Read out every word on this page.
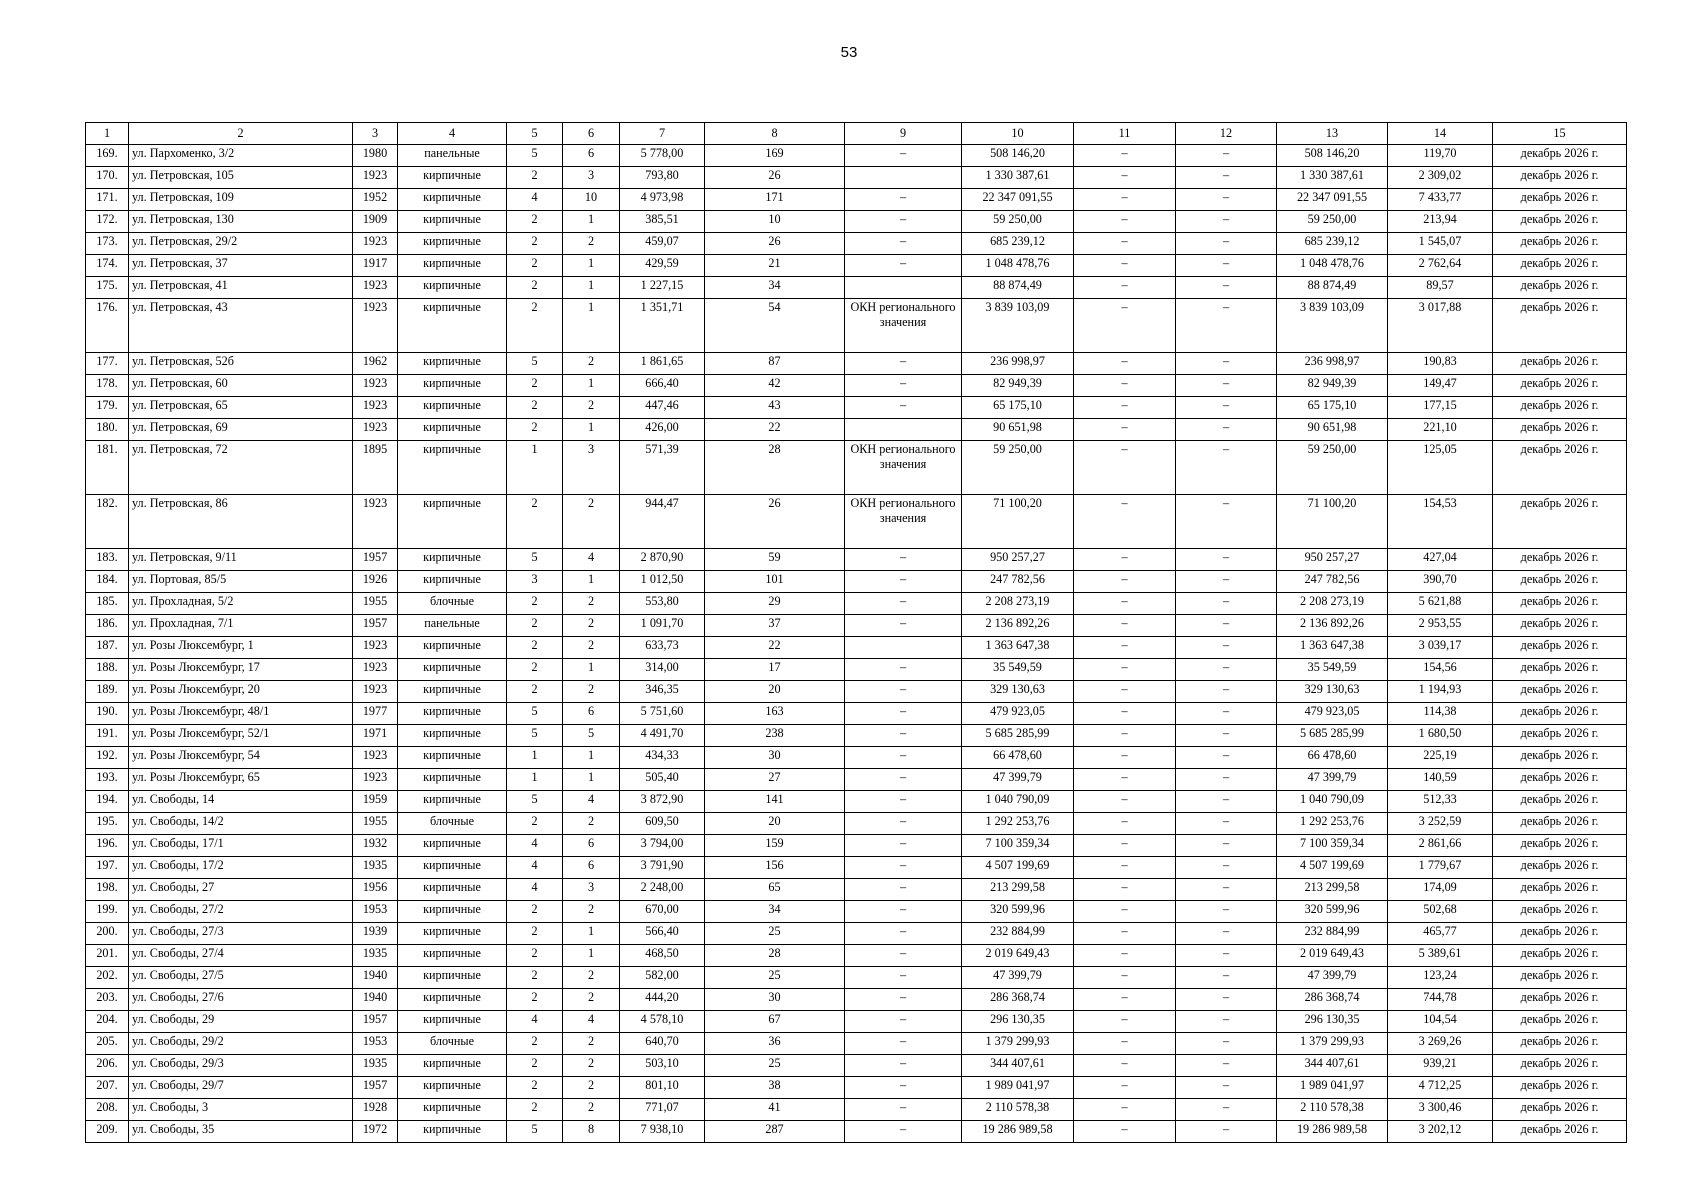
53
1	2	3	4	5	6	7	8	9	10	11	12	13	14	15
169.	ул. Пархоменко, 3/2	1980	панельные	5	6	5 778,00	169	–	508 146,20	–	–	508 146,20	119,70	декабрь 2026 г.
170.	ул. Петровская, 105	1923	кирпичные	2	3	793,80	26		1 330 387,61	–	–	1 330 387,61	2 309,02	декабрь 2026 г.
171.	ул. Петровская, 109	1952	кирпичные	4	10	4 973,98	171	–	22 347 091,55	–	–	22 347 091,55	7 433,77	декабрь 2026 г.
172.	ул. Петровская, 130	1909	кирпичные	2	1	385,51	10	–	59 250,00	–	–	59 250,00	213,94	декабрь 2026 г.
173.	ул. Петровская, 29/2	1923	кирпичные	2	2	459,07	26	–	685 239,12	–	–	685 239,12	1 545,07	декабрь 2026 г.
174.	ул. Петровская, 37	1917	кирпичные	2	1	429,59	21	–	1 048 478,76	–	–	1 048 478,76	2 762,64	декабрь 2026 г.
175.	ул. Петровская, 41	1923	кирпичные	2	1	1 227,15	34		88 874,49	–	–	88 874,49	89,57	декабрь 2026 г.
176.	ул. Петровская, 43	1923	кирпичные	2	1	1 351,71	54	ОКН регионального значения	3 839 103,09	–	–	3 839 103,09	3 017,88	декабрь 2026 г.
177.	ул. Петровская, 52б	1962	кирпичные	5	2	1 861,65	87	–	236 998,97	–	–	236 998,97	190,83	декабрь 2026 г.
178.	ул. Петровская, 60	1923	кирпичные	2	1	666,40	42	–	82 949,39	–	–	82 949,39	149,47	декабрь 2026 г.
179.	ул. Петровская, 65	1923	кирпичные	2	2	447,46	43	–	65 175,10	–	–	65 175,10	177,15	декабрь 2026 г.
180.	ул. Петровская, 69	1923	кирпичные	2	1	426,00	22		90 651,98	–	–	90 651,98	221,10	декабрь 2026 г.
181.	ул. Петровская, 72	1895	кирпичные	1	3	571,39	28	ОКН регионального значения	59 250,00	–	–	59 250,00	125,05	декабрь 2026 г.
182.	ул. Петровская, 86	1923	кирпичные	2	2	944,47	26	ОКН регионального значения	71 100,20	–	–	71 100,20	154,53	декабрь 2026 г.
183.	ул. Петровская, 9/11	1957	кирпичные	5	4	2 870,90	59	–	950 257,27	–	–	950 257,27	427,04	декабрь 2026 г.
184.	ул. Портовая, 85/5	1926	кирпичные	3	1	1 012,50	101	–	247 782,56	–	–	247 782,56	390,70	декабрь 2026 г.
185.	ул. Прохладная, 5/2	1955	блочные	2	2	553,80	29	–	2 208 273,19	–	–	2 208 273,19	5 621,88	декабрь 2026 г.
186.	ул. Прохладная, 7/1	1957	панельные	2	2	1 091,70	37	–	2 136 892,26	–	–	2 136 892,26	2 953,55	декабрь 2026 г.
187.	ул. Розы Люксембург, 1	1923	кирпичные	2	2	633,73	22		1 363 647,38	–	–	1 363 647,38	3 039,17	декабрь 2026 г.
188.	ул. Розы Люксембург, 17	1923	кирпичные	2	1	314,00	17	–	35 549,59	–	–	35 549,59	154,56	декабрь 2026 г.
189.	ул. Розы Люксембург, 20	1923	кирпичные	2	2	346,35	20	–	329 130,63	–	–	329 130,63	1 194,93	декабрь 2026 г.
190.	ул. Розы Люксембург, 48/1	1977	кирпичные	5	6	5 751,60	163	–	479 923,05	–	–	479 923,05	114,38	декабрь 2026 г.
191.	ул. Розы Люксембург, 52/1	1971	кирпичные	5	5	4 491,70	238	–	5 685 285,99	–	–	5 685 285,99	1 680,50	декабрь 2026 г.
192.	ул. Розы Люксембург, 54	1923	кирпичные	1	1	434,33	30	–	66 478,60	–	–	66 478,60	225,19	декабрь 2026 г.
193.	ул. Розы Люксембург, 65	1923	кирпичные	1	1	505,40	27	–	47 399,79	–	–	47 399,79	140,59	декабрь 2026 г.
194.	ул. Свободы, 14	1959	кирпичные	5	4	3 872,90	141	–	1 040 790,09	–	–	1 040 790,09	512,33	декабрь 2026 г.
195.	ул. Свободы, 14/2	1955	блочные	2	2	609,50	20	–	1 292 253,76	–	–	1 292 253,76	3 252,59	декабрь 2026 г.
196.	ул. Свободы, 17/1	1932	кирпичные	4	6	3 794,00	159	–	7 100 359,34	–	–	7 100 359,34	2 861,66	декабрь 2026 г.
197.	ул. Свободы, 17/2	1935	кирпичные	4	6	3 791,90	156	–	4 507 199,69	–	–	4 507 199,69	1 779,67	декабрь 2026 г.
198.	ул. Свободы, 27	1956	кирпичные	4	3	2 248,00	65	–	213 299,58	–	–	213 299,58	174,09	декабрь 2026 г.
199.	ул. Свободы, 27/2	1953	кирпичные	2	2	670,00	34	–	320 599,96	–	–	320 599,96	502,68	декабрь 2026 г.
200.	ул. Свободы, 27/3	1939	кирпичные	2	1	566,40	25	–	232 884,99	–	–	232 884,99	465,77	декабрь 2026 г.
201.	ул. Свободы, 27/4	1935	кирпичные	2	1	468,50	28	–	2 019 649,43	–	–	2 019 649,43	5 389,61	декабрь 2026 г.
202.	ул. Свободы, 27/5	1940	кирпичные	2	2	582,00	25	–	47 399,79	–	–	47 399,79	123,24	декабрь 2026 г.
203.	ул. Свободы, 27/6	1940	кирпичные	2	2	444,20	30	–	286 368,74	–	–	286 368,74	744,78	декабрь 2026 г.
204.	ул. Свободы, 29	1957	кирпичные	4	4	4 578,10	67	–	296 130,35	–	–	296 130,35	104,54	декабрь 2026 г.
205.	ул. Свободы, 29/2	1953	блочные	2	2	640,70	36	–	1 379 299,93	–	–	1 379 299,93	3 269,26	декабрь 2026 г.
206.	ул. Свободы, 29/3	1935	кирпичные	2	2	503,10	25	–	344 407,61	–	–	344 407,61	939,21	декабрь 2026 г.
207.	ул. Свободы, 29/7	1957	кирпичные	2	2	801,10	38	–	1 989 041,97	–	–	1 989 041,97	4 712,25	декабрь 2026 г.
208.	ул. Свободы, 3	1928	кирпичные	2	2	771,07	41	–	2 110 578,38	–	–	2 110 578,38	3 300,46	декабрь 2026 г.
209.	ул. Свободы, 35	1972	кирпичные	5	8	7 938,10	287	–	19 286 989,58	–	–	19 286 989,58	3 202,12	декабрь 2026 г.
